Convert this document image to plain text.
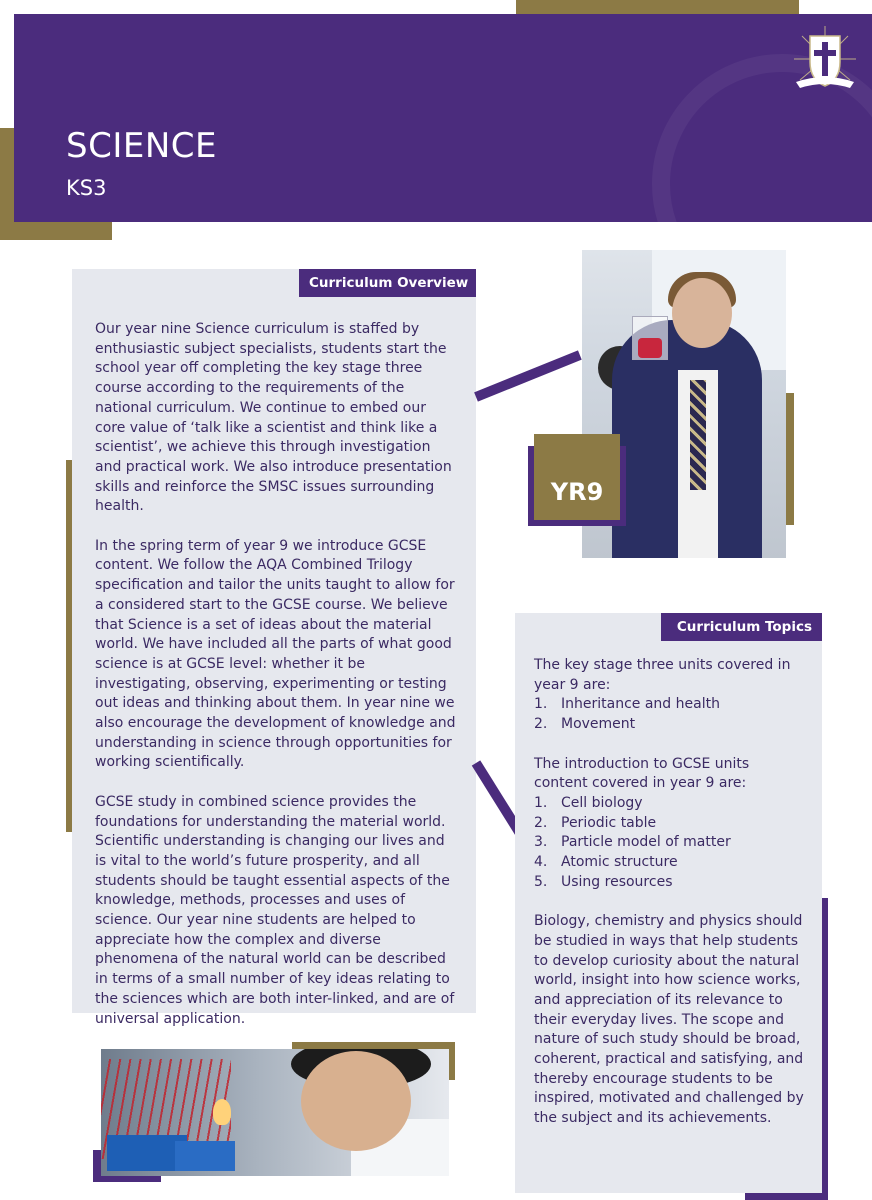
SCIENCE
KS3
Curriculum Overview

Our year nine Science curriculum is staffed by enthusiastic subject specialists, students start the school year off completing the key stage three course according to the requirements of the national curriculum. We continue to embed our core value of ‘talk like a scientist and think like a scientist’, we achieve this through investigation and practical work. We also introduce presentation skills and reinforce the SMSC issues surrounding health.

In the spring term of year 9 we introduce GCSE content. We follow the AQA Combined Trilogy specification and tailor the units taught to allow for a considered start to the GCSE course. We believe that Science is a set of ideas about the material world. We have included all the parts of what good science is at GCSE level: whether it be investigating, observing, experimenting or testing out ideas and thinking about them. In year nine we also encourage the development of knowledge and understanding in science through opportunities for working scientifically.

GCSE study in combined science provides the foundations for understanding the material world. Scientific understanding is changing our lives and is vital to the world’s future prosperity, and all students should be taught essential aspects of the knowledge, methods, processes and uses of science. Our year nine students are helped to appreciate how the complex and diverse phenomena of the natural world can be described in terms of a small number of key ideas relating to the sciences which are both inter-linked, and are of universal application.

YR9
Curriculum Topics
The key stage three units covered in year 9 are:
1. Inheritance and health
2. Movement
The introduction to GCSE units content covered in year 9 are:
1. Cell biology
2. Periodic table
3. Particle model of matter
4. Atomic structure
5. Using resources
Biology, chemistry and physics should be studied in ways that help students to develop curiosity about the natural world, insight into how science works, and appreciation of its relevance to their everyday lives. The scope and nature of such study should be broad, coherent, practical and satisfying, and thereby encourage students to be inspired, motivated and challenged by the subject and its achievements.
